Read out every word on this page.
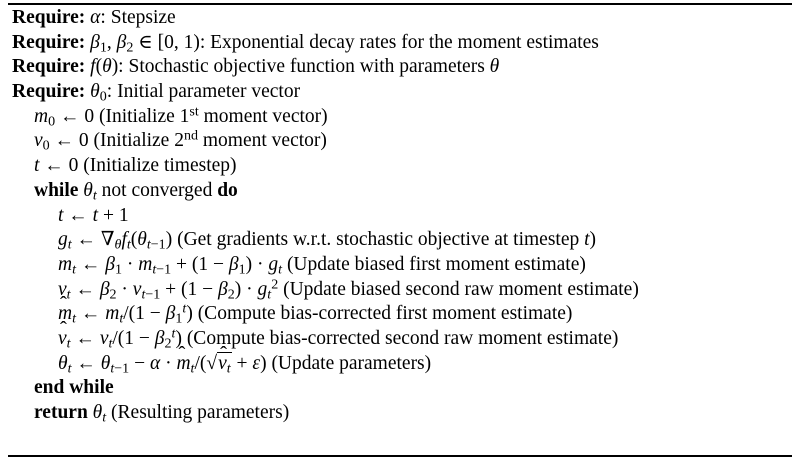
Require: α: Stepsize
Require: $\beta_1$, $\beta_2$ ∈ [0, 1): Exponential decay rates for the moment estimates
Require: f(θ): Stochastic objective function with parameters θ
Require: $\theta_0$: Initial parameter vector
$m_0$ ← 0 (Initialize 1st moment vector)
$v_0$ ← 0 (Initialize 2nd moment vector)
t ← 0 (Initialize timestep)
while $\theta_t$ not converged do
t ← t + 1
$g_t$ ← $\nabla_\theta f_t(\theta_{t-1})$ (Get gradients w.r.t. stochastic objective at timestep t)
$m_t$ ← $\beta_1 \cdot m_{t-1} + (1 - \beta_1) \cdot g_t$ (Update biased first moment estimate)
$v_t$ ← $\beta_2 \cdot v_{t-1} + (1 - \beta_2) \cdot g_t^2$ (Update biased second raw moment estimate)
ˆ $m_t$ ← $m_t/(1 - \beta_1^t)$ (Compute bias-corrected first moment estimate)
ˆ $v_t$ ← $v_t/(1 - \beta_2^t)$ (Compute bias-corrected second raw moment estimate)
$\theta_t$ ← $\theta_{t-1} - \alpha$ · ˆ $m_t/(√ˆ$ $v_t + \varepsilon$) (Update parameters)
end while
return $\theta_t$ (Resulting parameters)
